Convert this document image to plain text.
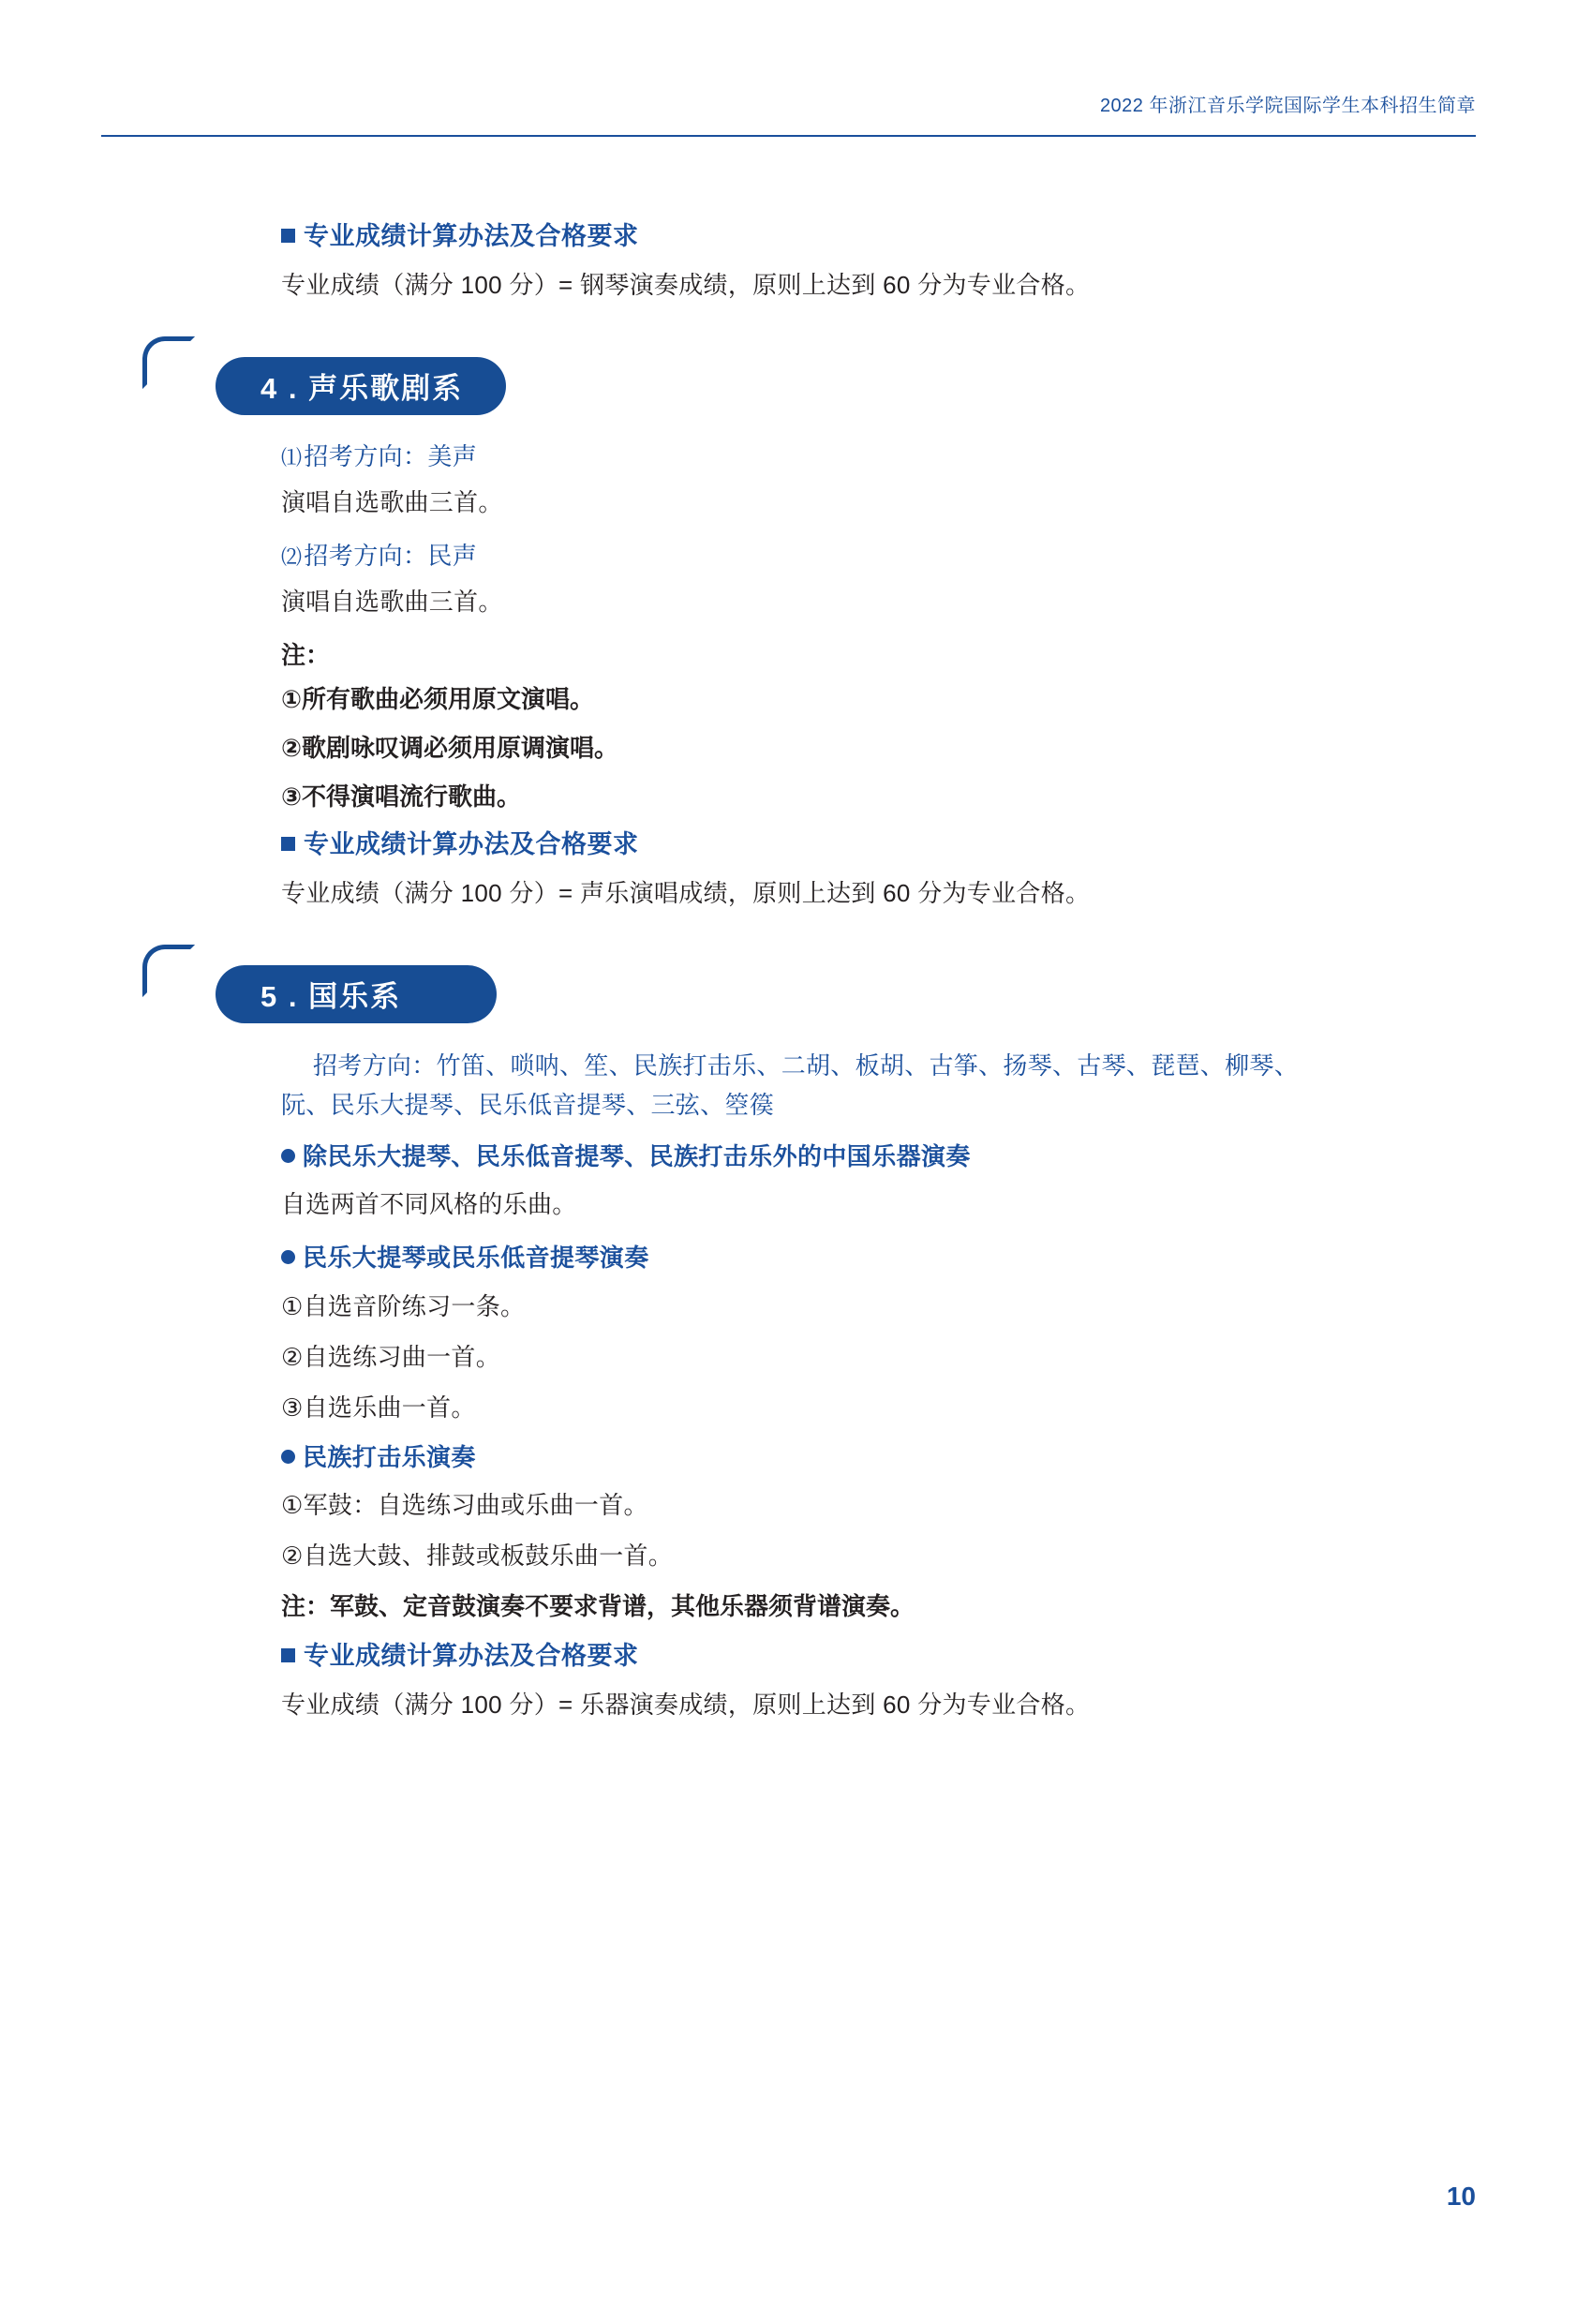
2022 年浙江音乐学院国际学生本科招生简章
专业成绩计算办法及合格要求

专业成绩（满分 100 分）= 钢琴演奏成绩，原则上达到 60 分为专业合格。

4 . 声乐歌剧系
⑴招考方向：美声

演唱自选歌曲三首。

⑵招考方向：民声

演唱自选歌曲三首。

注：

①所有歌曲必须用原文演唱。

②歌剧咏叹调必须用原调演唱。

③不得演唱流行歌曲。

专业成绩计算办法及合格要求

专业成绩（满分 100 分）= 声乐演唱成绩，原则上达到 60 分为专业合格。

5 . 国乐系

招考方向：竹笛、唢呐、笙、民族打击乐、二胡、板胡、古筝、扬琴、古琴、琵琶、柳琴、阮、民乐大提琴、民乐低音提琴、三弦、箜篌

除民乐大提琴、民乐低音提琴、民族打击乐外的中国乐器演奏

自选两首不同风格的乐曲。

民乐大提琴或民乐低音提琴演奏

①自选音阶练习一条。

②自选练习曲一首。

③自选乐曲一首。

民族打击乐演奏

①军鼓：自选练习曲或乐曲一首。

②自选大鼓、排鼓或板鼓乐曲一首。

注：军鼓、定音鼓演奏不要求背谱，其他乐器须背谱演奏。

专业成绩计算办法及合格要求

专业成绩（满分 100 分）= 乐器演奏成绩，原则上达到 60 分为专业合格。

10
